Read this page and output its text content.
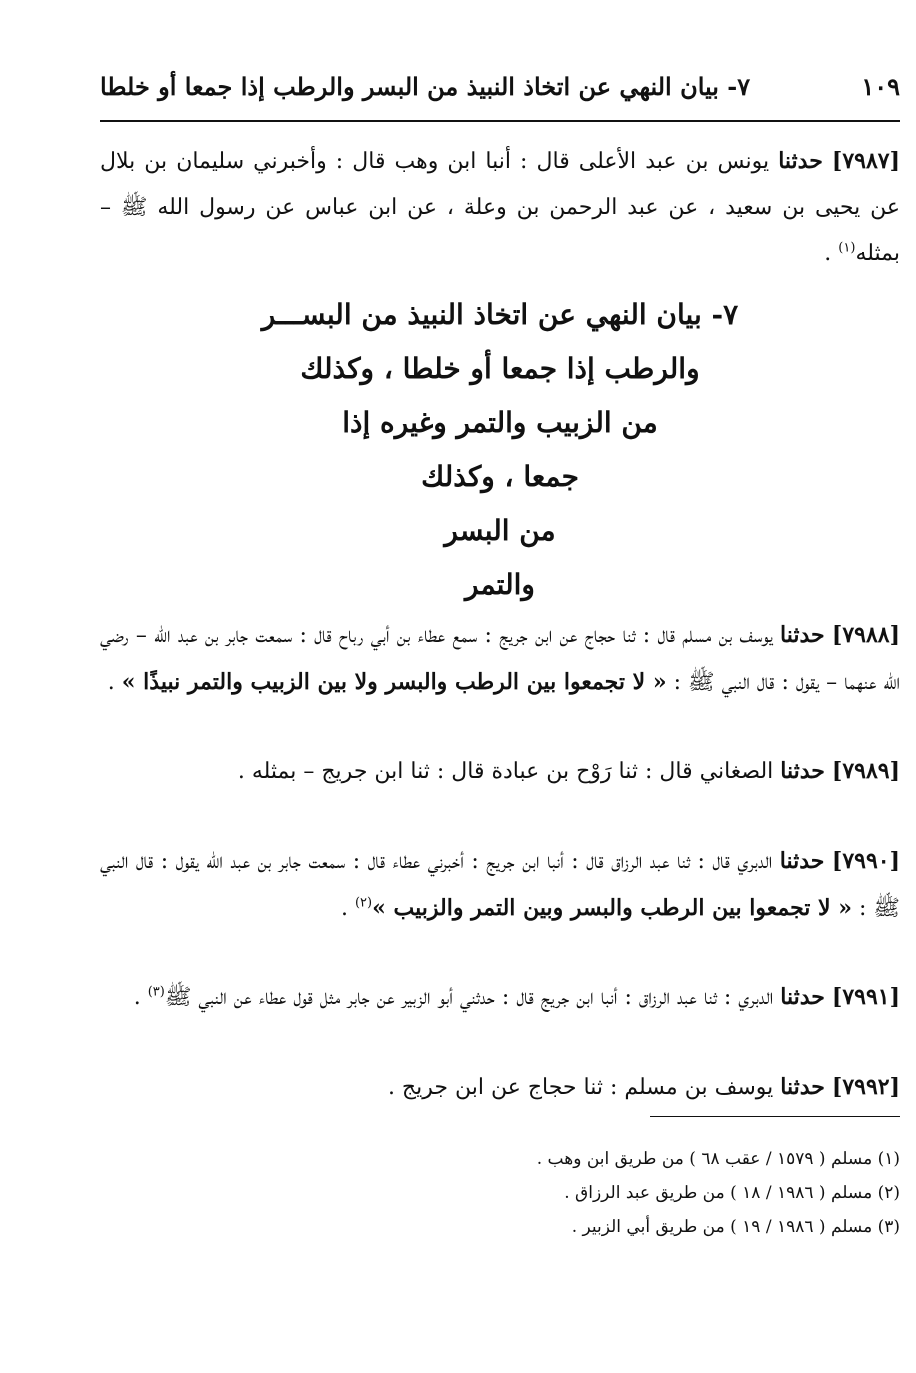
٧- بيان النهي عن اتخاذ النبيذ من البسر والرطب إذا جمعا أو خلطا	١٠٩
[٧٩٨٧] حدثنا يونس بن عبد الأعلى قال : أنبا ابن وهب قال : وأخبرني سليمان بن بلال عن يحيى بن سعيد ، عن عبد الرحمن بن وعلة ، عن ابن عباس عن رسول الله ﷺ – بمثله$^{(١)}$ .
٧- بيان النهي عن اتخاذ النبيذ من البســـر
والرطب إذا جمعا أو خلطا ، وكذلك
من الزبيب والتمر وغيره إذا
جمعا ، وكذلك
من البسر
والتمر
[٧٩٨٨] حدثنا يوسف بن مسلم قال : ثنا حجاج عن ابن جريج : سمع عطاء بن أبي رباح قال : سمعت جابر بن عبد الله – رضي الله عنهما – يقول : قال النبي ﷺ : « لا تجمعوا بين الرطب والبسر ولا بين الزبيب والتمر نبيذًا » .
[٧٩٨٩] حدثنا الصغاني قال : ثنا رَوْح بن عبادة قال : ثنا ابن جريج – بمثله .
[٧٩٩٠] حدثنا الدبري قال : ثنا عبد الرزاق قال : أنبا ابن جريج : أخبرني عطاء قال : سمعت جابر بن عبد الله يقول : قال النبي ﷺ : « لا تجمعوا بين الرطب والبسر وبين التمر والزبيب »$^{(٢)}$ .
[٧٩٩١] حدثنا الدبري : ثنا عبد الرزاق : أنبا ابن جريج قال : حدثني أبو الزبير عن جابر مثل قول عطاء عن النبي ﷺ$^{(٣)}$ .
[٧٩٩٢] حدثنا يوسف بن مسلم : ثنا حجاج عن ابن جريج .
(١) مسلم ( ١٥٧٩ / عقب ٦٨ ) من طريق ابن وهب .
(٢) مسلم ( ١٩٨٦ / ١٨ ) من طريق عبد الرزاق .
(٣) مسلم ( ١٩٨٦ / ١٩ ) من طريق أبي الزبير .
